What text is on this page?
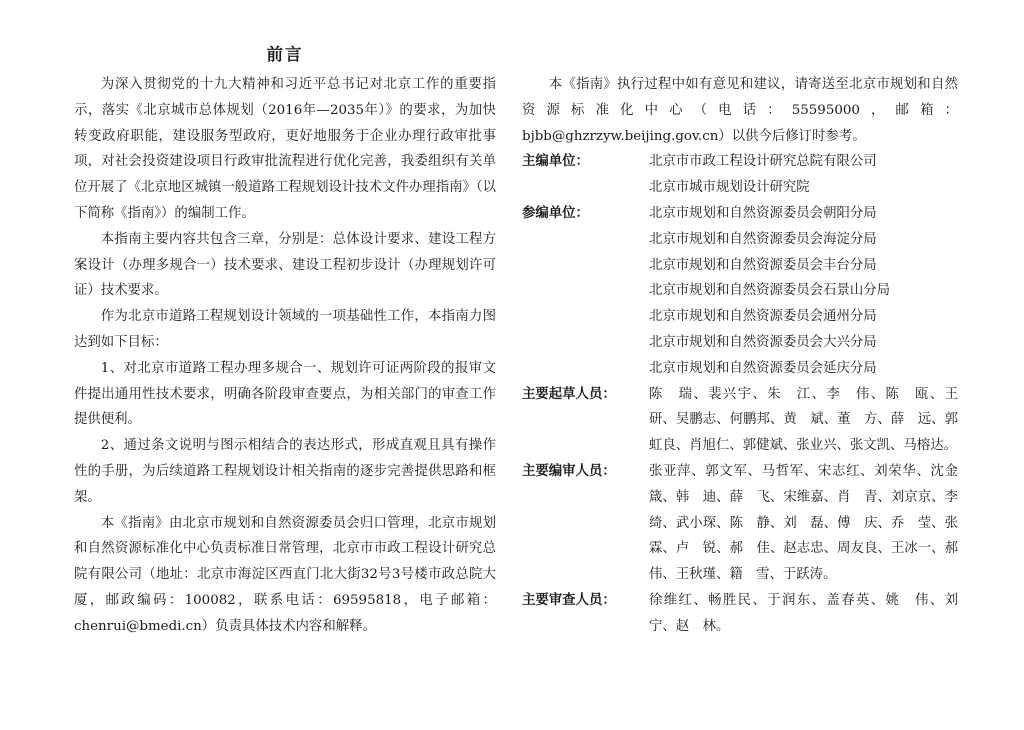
前言

为深入贯彻党的十九大精神和习近平总书记对北京工作的重要指示，落实《北京城市总体规划（2016年—2035年）》的要求，为加快转变政府职能，建设服务型政府，更好地服务于企业办理行政审批事项，对社会投资建设项目行政审批流程进行优化完善，我委组织有关单位开展了《北京地区城镇一般道路工程规划设计技术文件办理指南》（以下简称《指南》）的编制工作。

本指南主要内容共包含三章，分别是：总体设计要求、建设工程方案设计（办理多规合一）技术要求、建设工程初步设计（办理规划许可证）技术要求。

作为北京市道路工程规划设计领域的一项基础性工作，本指南力图达到如下目标：

1、对北京市道路工程办理多规合一、规划许可证两阶段的报审文件提出通用性技术要求，明确各阶段审查要点，为相关部门的审查工作提供便利。

2、通过条文说明与图示相结合的表达形式，形成直观且具有操作性的手册，为后续道路工程规划设计相关指南的逐步完善提供思路和框架。

本《指南》由北京市规划和自然资源委员会归口管理，北京市规划和自然资源标准化中心负责标准日常管理，北京市市政工程设计研究总院有限公司（地址：北京市海淀区西直门北大街32号3号楼市政总院大厦，邮政编码：100082，联系电话：69595818，电子邮箱：chenrui@bmedi.cn）负责具体技术内容和解释。

本《指南》执行过程中如有意见和建议，请寄送至北京市规划和自然资源标准化中心（电话：55595000，邮箱：bjbb@ghzrzyw.beijing.gov.cn）以供今后修订时参考。

主编单位：	北京市市政工程设计研究总院有限公司
北京市城市规划设计研究院
参编单位：	北京市规划和自然资源委员会朝阳分局
北京市规划和自然资源委员会海淀分局
北京市规划和自然资源委员会丰台分局
北京市规划和自然资源委员会石景山分局
北京市规划和自然资源委员会通州分局
北京市规划和自然资源委员会大兴分局
北京市规划和自然资源委员会延庆分局
主要起草人员： 陈　瑞、裴兴宇、朱　江、李　伟、陈　瓯、王　研、吴鹏志、何鹏邦、黄　斌、董　方、薛　远、郭虹良、肖旭仁、郭健斌、张业兴、张文凯、马榕达。

主要编审人员： 张亚萍、郭文军、马哲军、宋志红、刘荣华、沈金箴、韩　迪、薛　飞、宋维嘉、肖　青、刘京京、李　绮、武小琛、陈　静、刘　磊、傅　庆、乔　莹、张　霖、卢　锐、郝　佳、赵志忠、周友良、王冰一、郝　伟、王秋瑾、籍　雪、于跃涛。

主要审查人员： 徐维红、畅胜民、于润东、盖春英、姚　伟、刘　宁、赵　林。
